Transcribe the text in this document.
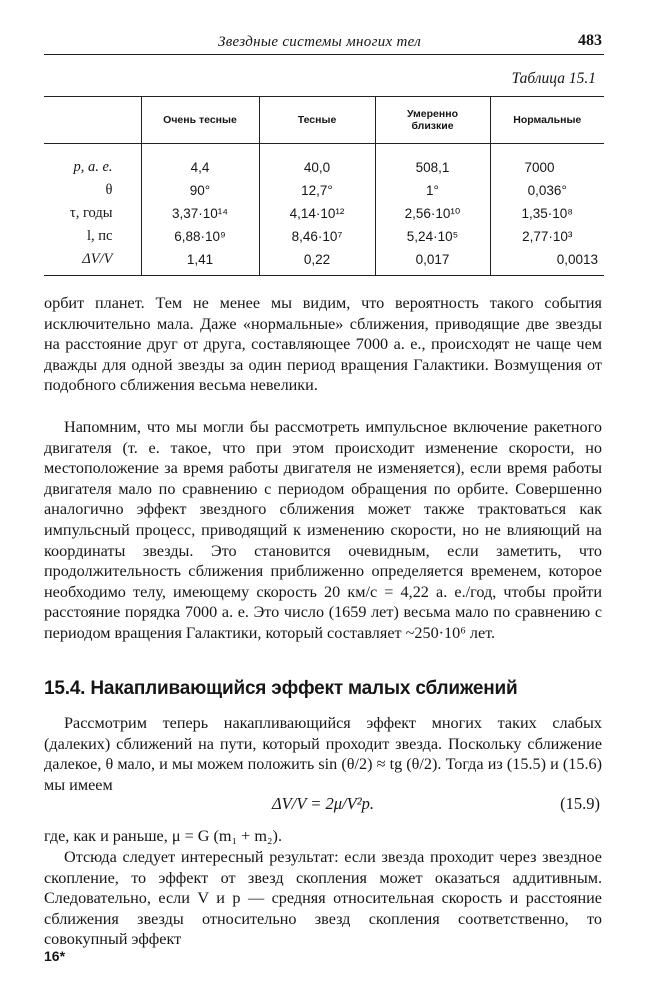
Звездные системы многих тел	483
Таблица 15.1
	Очень тесные	Тесные	Умеренно близкие	Нормальные
p, а. е.	4,4	40,0	508,1	7000
θ	90°	12,7°	1°	0,036°
τ, годы	3,37·10¹⁴	4,14·10¹²	2,56·10¹⁰	1,35·10⁸
l, пс	6,88·10⁹	8,46·10⁷	5,24·10⁵	2,77·10³
ΔV/V	1,41	0,22	0,017	0,0013

орбит планет. Тем не менее мы видим, что вероятность такого события исключительно мала. Даже «нормальные» сближения, приводящие две звезды на расстояние друг от друга, составляющее 7000 а. е., происходят не чаще чем дважды для одной звезды за один период вращения Галактики. Возмущения от подобного сближения весьма невелики.

Напомним, что мы могли бы рассмотреть импульсное включение ракетного двигателя (т. е. такое, что при этом происходит изменение скорости, но местоположение за время работы двигателя не изменяется), если время работы двигателя мало по сравнению с периодом обращения по орбите. Совершенно аналогично эффект звездного сближения может также трактоваться как импульсный процесс, приводящий к изменению скорости, но не влияющий на координаты звезды. Это становится очевидным, если заметить, что продолжительность сближения приближенно определяется временем, которое необходимо телу, имеющему скорость 20 км/с = 4,22 а. е./год, чтобы пройти расстояние порядка 7000 а. е. Это число (1659 лет) весьма мало по сравнению с периодом вращения Галактики, который составляет ~250·10⁶ лет.

15.4. Накапливающийся эффект малых сближений

Рассмотрим теперь накапливающийся эффект многих таких слабых (далеких) сближений на пути, который проходит звезда. Поскольку сближение далекое, θ мало, и мы можем положить sin (θ/2) ≈ tg (θ/2). Тогда из (15.5) и (15.6) мы имеем

ΔV/V = 2μ/V²p.	(15.9)

где, как и раньше, μ = G (m₁ + m₂).

Отсюда следует интересный результат: если звезда проходит через звездное скопление, то эффект от звезд скопления может оказаться аддитивным. Следовательно, если V и p — средняя относительная скорость и расстояние сближения звезды относительно звезд скопления соответственно, то совокупный эффект

16*
